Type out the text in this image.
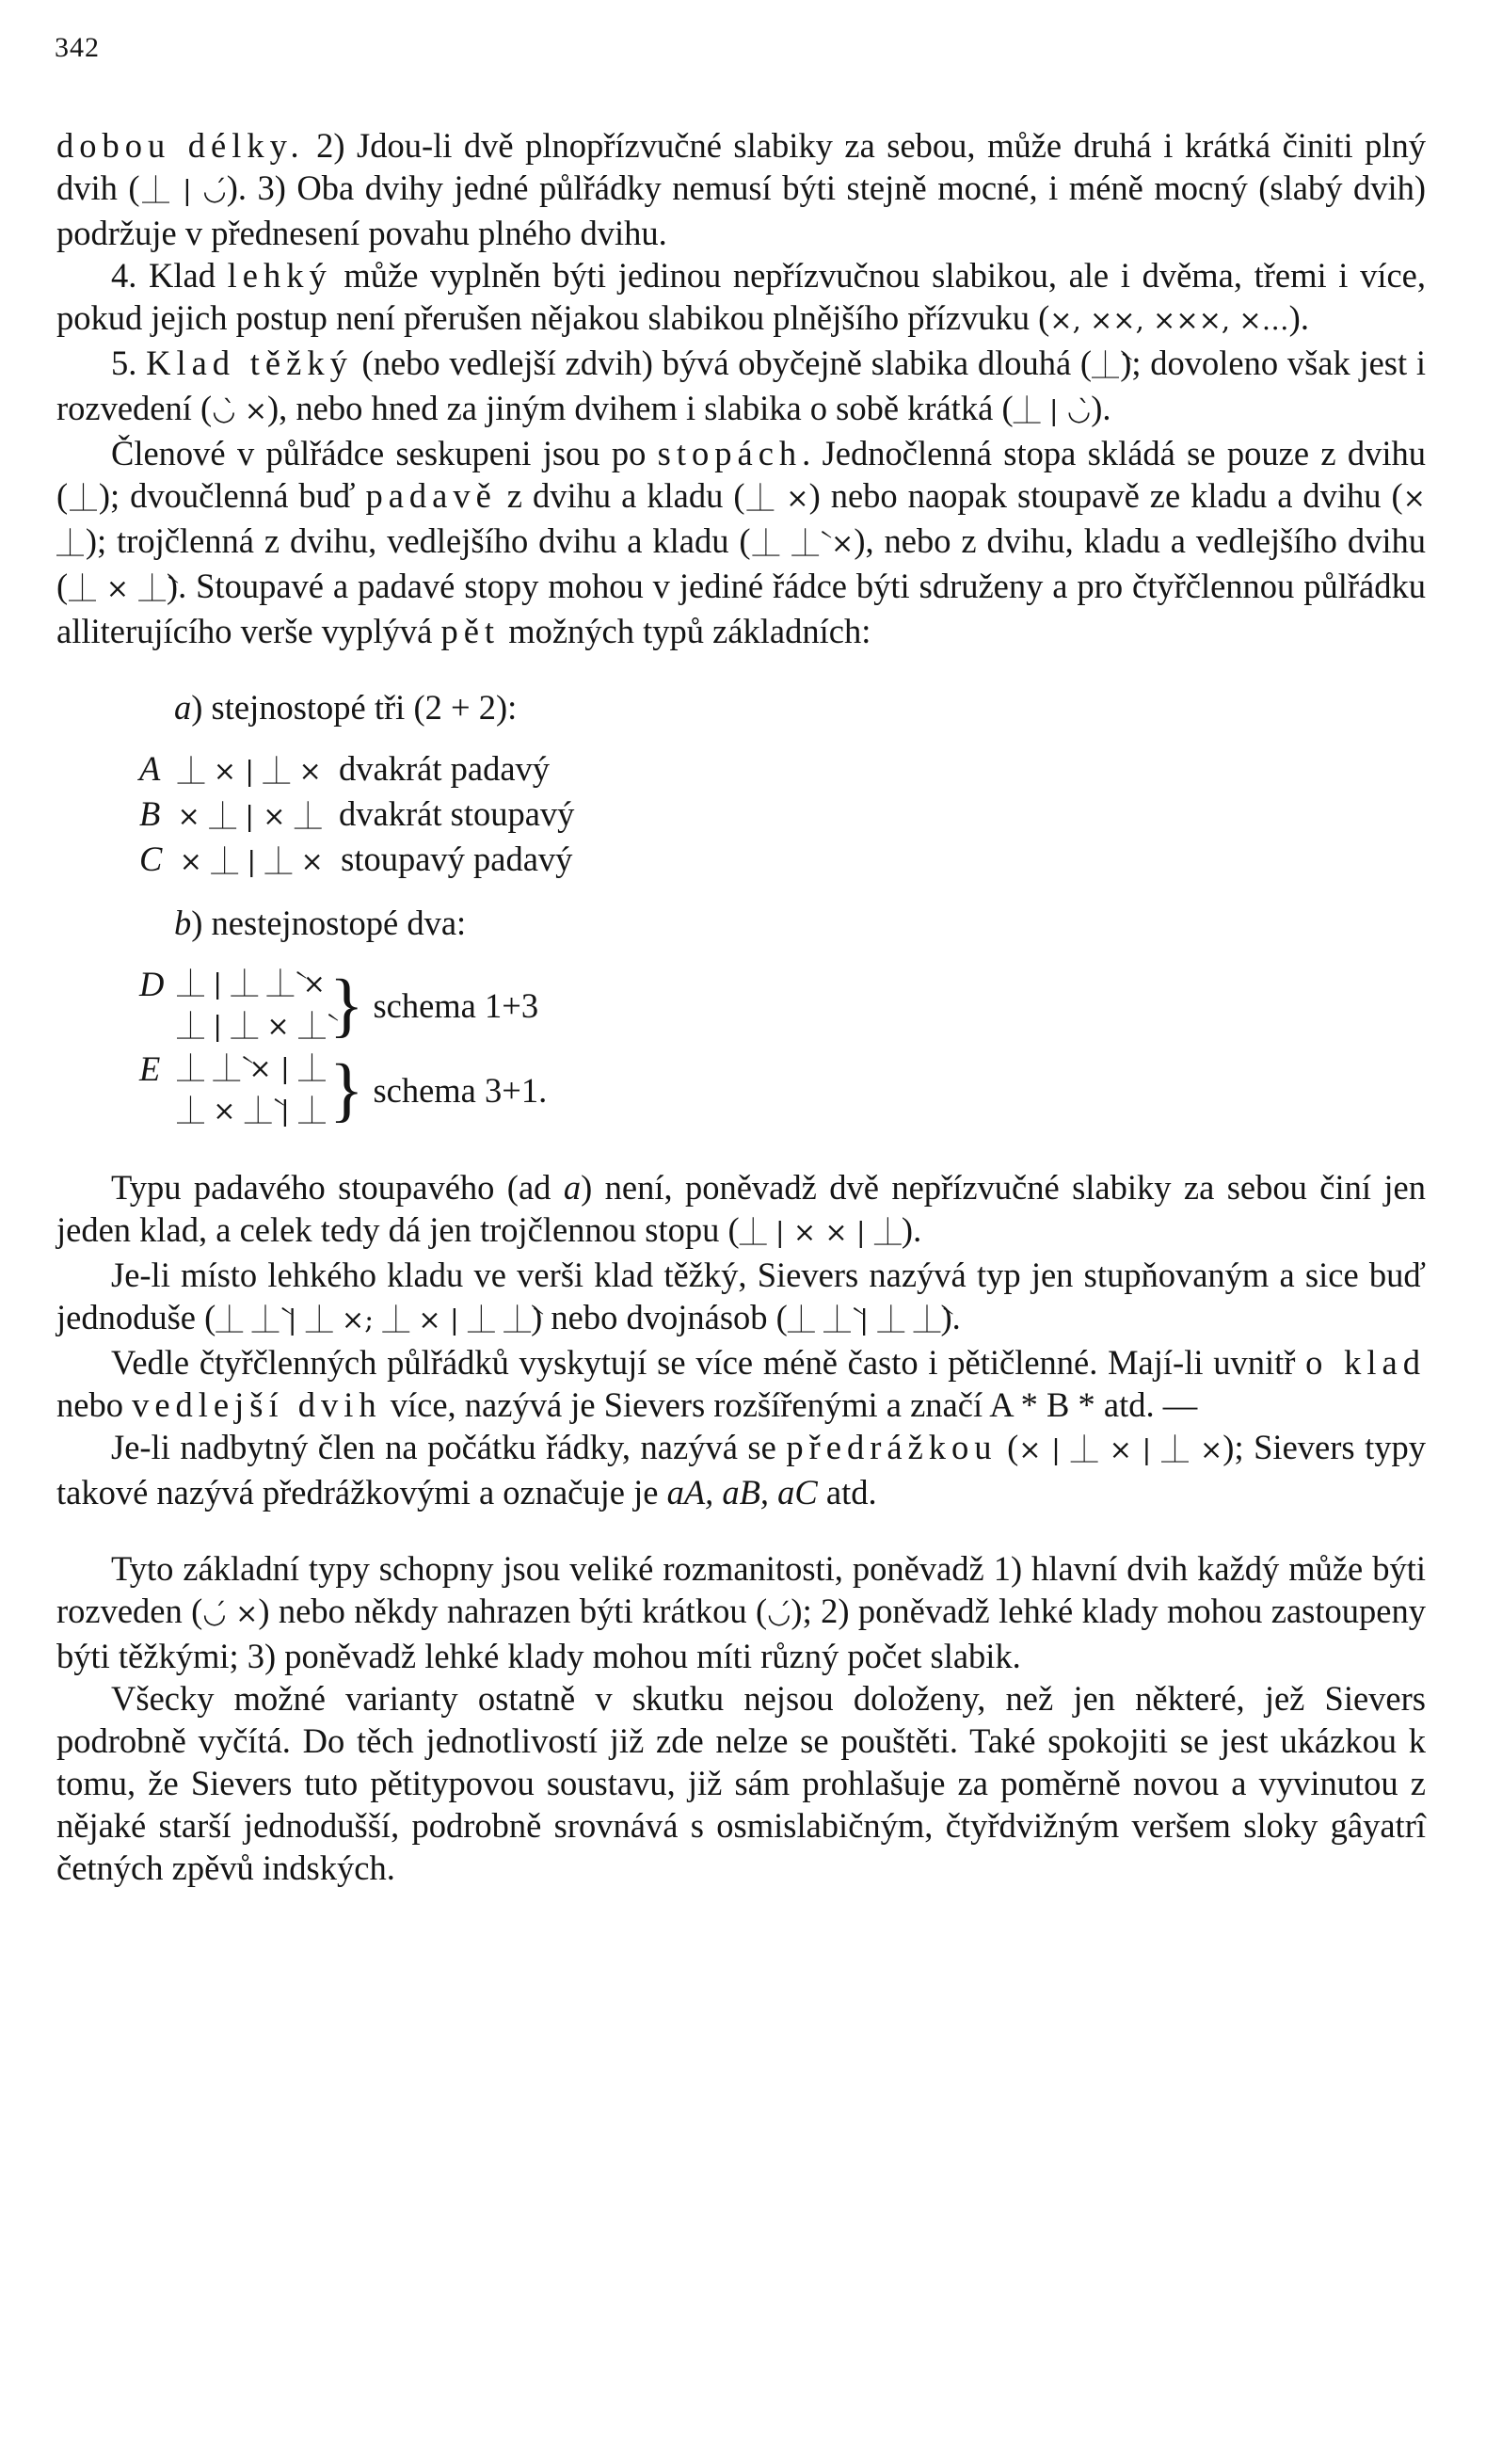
342

dobou délky. 2) Jdou-li dvě plnopřízvučné slabiky za sebou, může druhá i krátká činiti plný dvih (⏊ | ◡́). 3) Oba dvihy jedné půlřádky nemusí býti stejně mocné, i méně mocný (slabý dvih) podržuje v přednesení povahu plného dvihu.

4. Klad lehký může vyplněn býti jedinou nepřízvučnou slabikou, ale i dvěma, třemi i více, pokud jejich postup není přerušen nějakou slabikou plnějšího přízvuku (×, ××, ×××, ×…).

5. Klad těžký (nebo vedlejší zdvih) bývá obyčejně slabika dlouhá (⏊̀); dovoleno však jest i rozvedení (◡̀ ×), nebo hned za jiným dvihem i slabika o sobě krátká (⏊ | ◡̀).

Členové v půlřádce seskupeni jsou po stopách. Jednočlenná stopa skládá se pouze z dvihu (⏊); dvoučlenná buď padavě z dvihu a kladu (⏊ ×) nebo naopak stoupavě ze kladu a dvihu (× ⏊); trojčlenná z dvihu, vedlejšího dvihu a kladu (⏊ ⏊̀ ×), nebo z dvihu, kladu a vedlejšího dvihu (⏊ × ⏊̀). Stoupavé a padavé stopy mohou v jediné řádce býti sdruženy a pro čtyřčlennou půlřádku alliterujícího verše vyplývá pět možných typů základních:

a) stejnostopé tři (2 + 2):
A ⏊ × | ⏊ × dvakrát padavý
B × ⏊ | × ⏊ dvakrát stoupavý
C × ⏊ | ⏊ × stoupavý padavý
b) nestejnostopé dva:
D ⏊ | ⏊ ⏊̀ ×
⏊ | ⏊ × ⏊̀ } schema 1+3
E ⏊ ⏊̀ × | ⏊
⏊ × ⏊̀ | ⏊ } schema 3+1.

Typu padavého stoupavého (ad a) není, poněvadž dvě nepřízvučné slabiky za sebou činí jen jeden klad, a celek tedy dá jen trojčlennou stopu (⏊ | × × | ⏊).

Je-li místo lehkého kladu ve verši klad těžký, Sievers nazývá typ jen stupňovaným a sice buď jednoduše (⏊ ⏊̀ | ⏊ ×; ⏊ × | ⏊ ⏊̀) nebo dvojnásob (⏊ ⏊̀ | ⏊ ⏊̀).

Vedle čtyřčlenných půlřádků vyskytují se více méně často i pětičlenné. Mají-li uvnitř o klad nebo vedlejší dvih více, nazývá je Sievers rozšířenými a značí A * B * atd. —

Je-li nadbytný člen na počátku řádky, nazývá se předrážkou (× | ⏊ × | ⏊ ×); Sievers typy takové nazývá předrážkovými a označuje je aA, aB, aC atd.

Tyto základní typy schopny jsou veliké rozmanitosti, poněvadž 1) hlavní dvih každý může býti rozveden (◡́ ×) nebo někdy nahrazen býti krátkou (◡́); 2) poněvadž lehké klady mohou zastoupeny býti těžkými; 3) poněvadž lehké klady mohou míti různý počet slabik.

Všecky možné varianty ostatně v skutku nejsou doloženy, než jen některé, jež Sievers podrobně vyčítá. Do těch jednotlivostí již zde nelze se pouštěti. Také spokojiti se jest ukázkou k tomu, že Sievers tuto pětitypovou soustavu, již sám prohlašuje za poměrně novou a vyvinutou z nějaké starší jednodušší, podrobně srovnává s osmislabičným, čtyřdvižným veršem sloky gâyatrî četných zpěvů indských.
